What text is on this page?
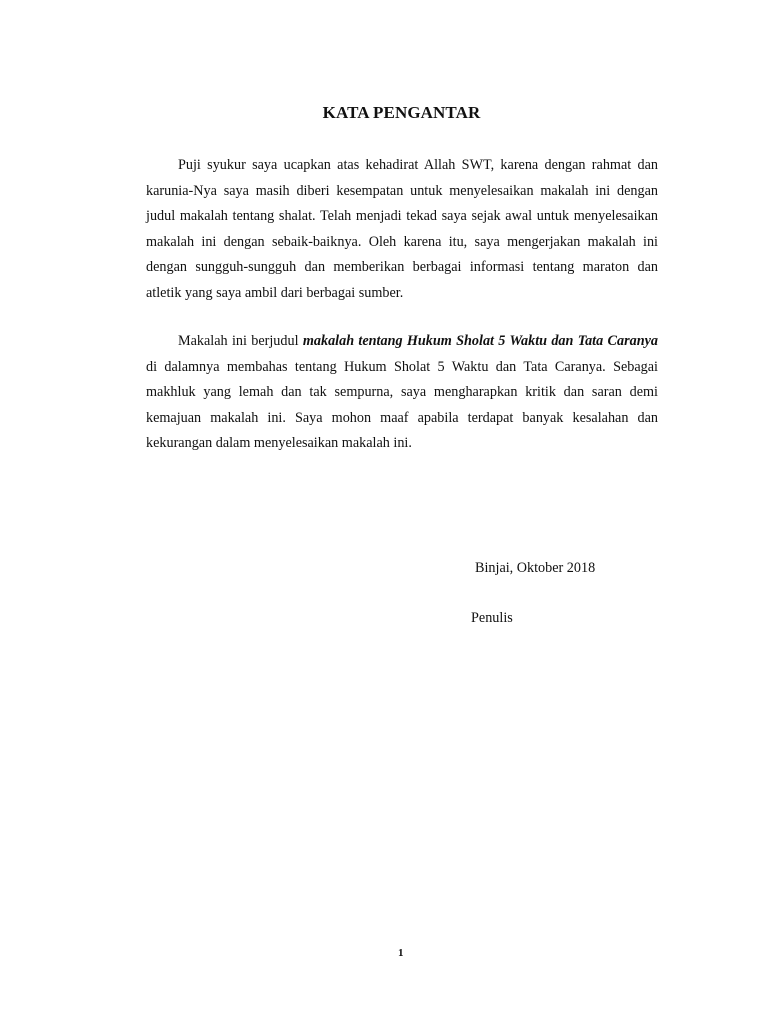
KATA PENGANTAR

Puji syukur saya ucapkan atas kehadirat Allah SWT, karena dengan rahmat dan karunia-Nya saya masih diberi kesempatan untuk menyelesaikan makalah ini dengan judul makalah tentang shalat. Telah menjadi tekad saya sejak awal untuk menyelesaikan makalah ini dengan sebaik-baiknya. Oleh karena itu, saya mengerjakan makalah ini dengan sungguh-sungguh dan memberikan berbagai informasi tentang maraton dan atletik yang saya ambil dari berbagai sumber.

Makalah ini berjudul makalah tentang Hukum Sholat 5 Waktu dan Tata Caranya di dalamnya membahas tentang Hukum Sholat 5 Waktu dan Tata Caranya. Sebagai makhluk yang lemah dan tak sempurna, saya mengharapkan kritik dan saran demi kemajuan makalah ini. Saya mohon maaf apabila terdapat banyak kesalahan dan kekurangan dalam menyelesaikan makalah ini.

Binjai, Oktober 2018
Penulis
1
